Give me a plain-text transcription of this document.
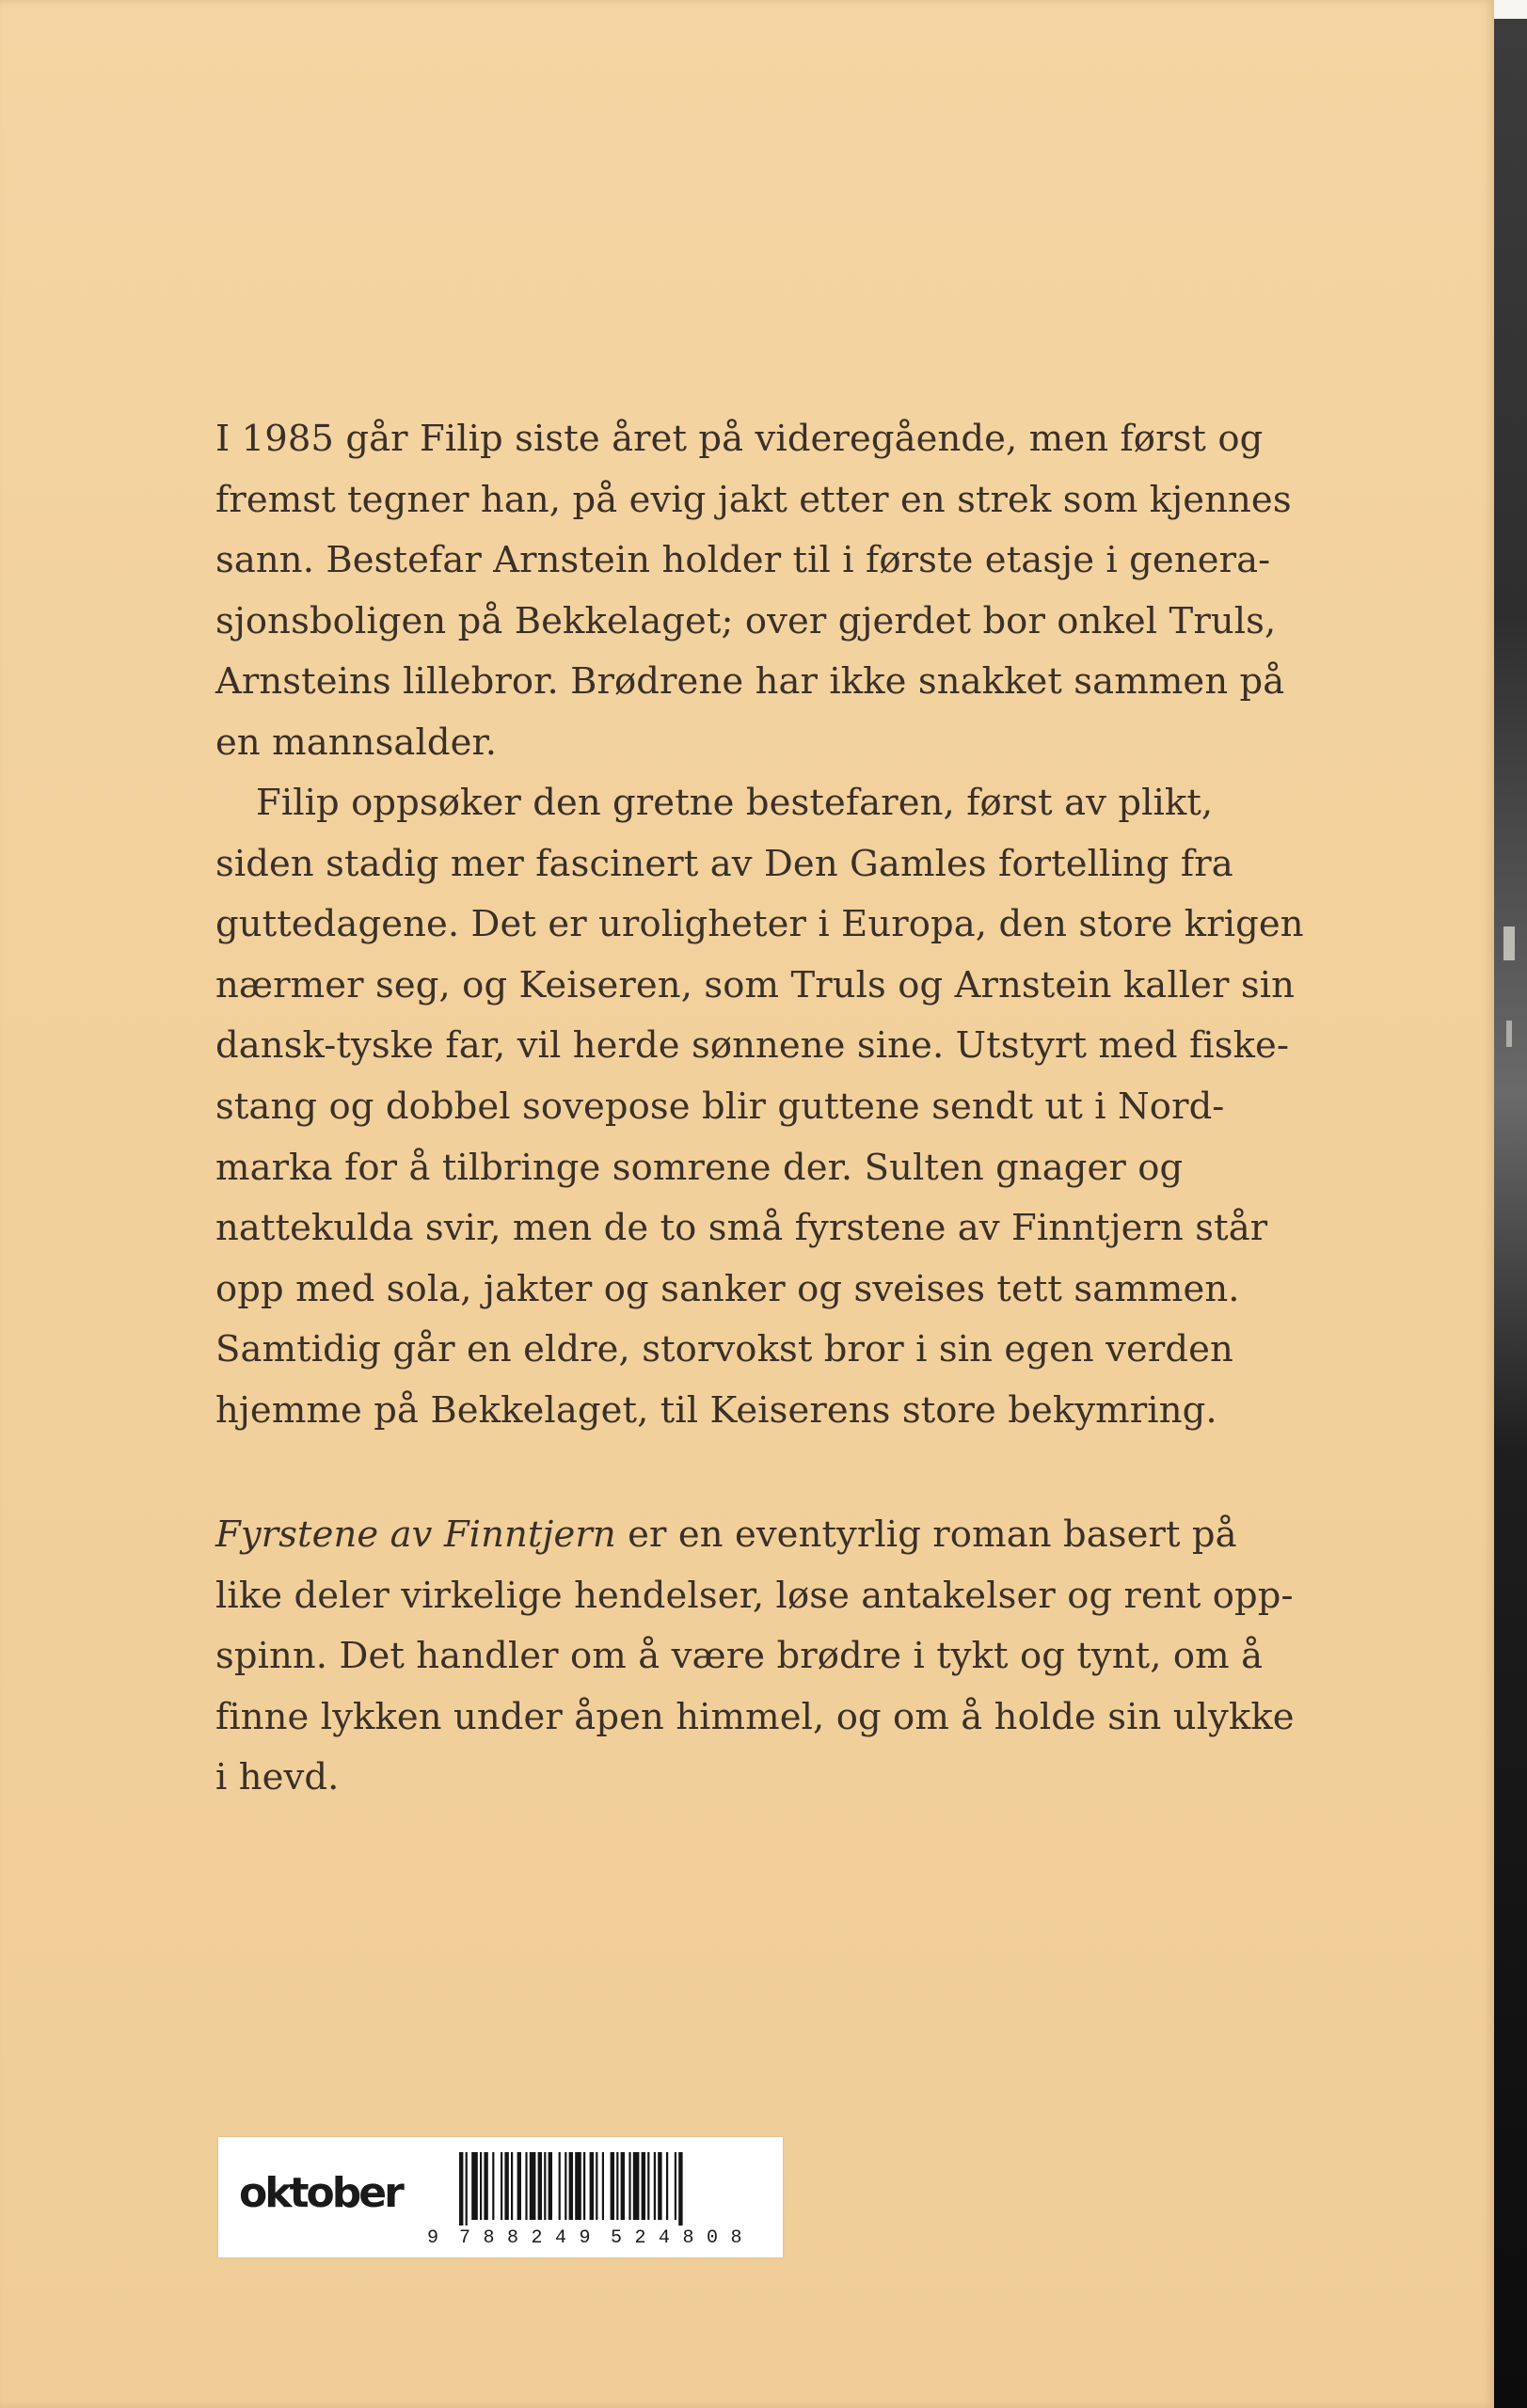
I 1985 går Filip siste året på videregående, men først og

fremst tegner han, på evig jakt etter en strek som kjennes

sann. Bestefar Arnstein holder til i første etasje i genera-

sjonsboligen på Bekkelaget; over gjerdet bor onkel Truls,

Arnsteins lillebror. Brødrene har ikke snakket sammen på

en mannsalder.

Filip oppsøker den gretne bestefaren, først av plikt,

siden stadig mer fascinert av Den Gamles fortelling fra

guttedagene. Det er uroligheter i Europa, den store krigen

nærmer seg, og Keiseren, som Truls og Arnstein kaller sin

dansk-tyske far, vil herde sønnene sine. Utstyrt med fiske-

stang og dobbel sovepose blir guttene sendt ut i Nord-

marka for å tilbringe somrene der. Sulten gnager og

nattekulda svir, men de to små fyrstene av Finntjern står

opp med sola, jakter og sanker og sveises tett sammen.

Samtidig går en eldre, storvokst bror i sin egen verden

hjemme på Bekkelaget, til Keiserens store bekymring.

Fyrstene av Finntjern er en eventyrlig roman basert på

like deler virkelige hendelser, løse antakelser og rent opp-

spinn. Det handler om å være brødre i tykt og tynt, om å

finne lykken under åpen himmel, og om å holde sin ulykke

i hevd.

oktober
9 7 8 8 2 4 9 5 2 4 8 0 8
